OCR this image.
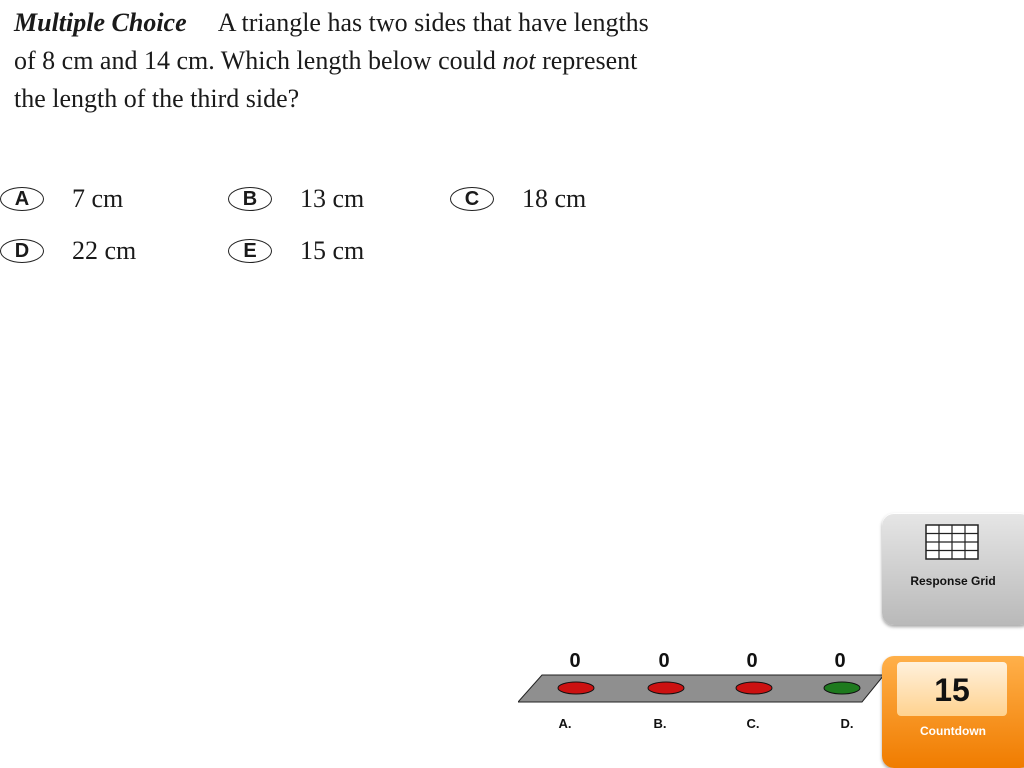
Multiple Choice A triangle has two sides that have lengths of 8 cm and 14 cm. Which length below could not represent the length of the third side?
A	7 cm	B	13 cm	C	18 cm
D	22 cm	E	15 cm
Response Grid
0	0	0	0
A.	B.	C.	D.
15
Countdown
